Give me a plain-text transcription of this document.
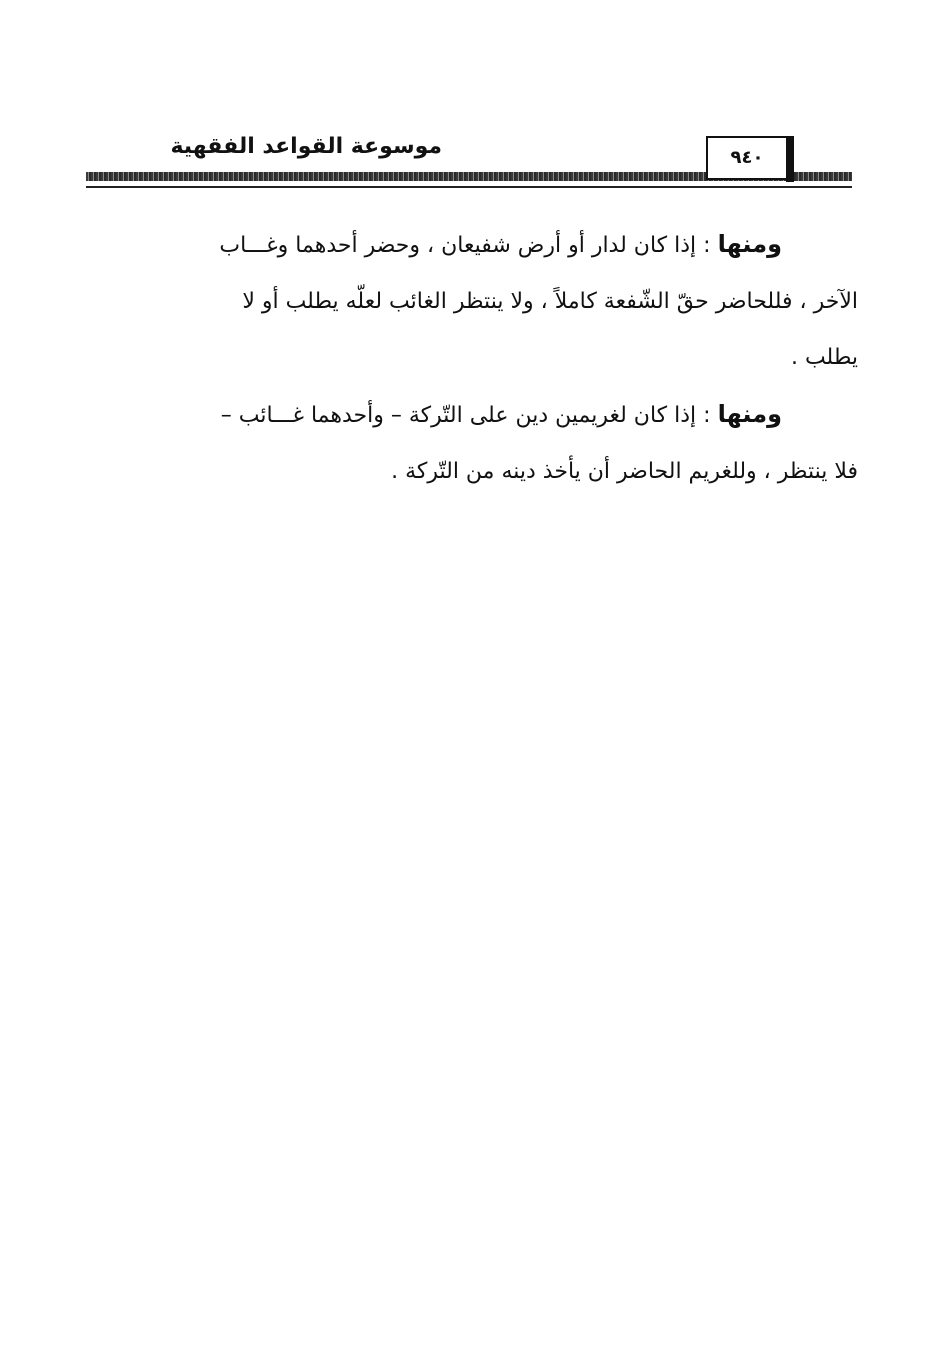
موسوعة القواعد الفقهية	٩٤٠

ومنها : إذا كان لدار أو أرض شفيعان ، وحضر أحدهما وغـــاب
الآخر ، فللحاضر حقّ الشّفعة كاملاً ، ولا ينتظر الغائب لعلّه يطلب أو لا
يطلب .

ومنها : إذا كان لغريمين دين على التّركة – وأحدهما غـــائب –
فلا ينتظر ، وللغريم الحاضر أن يأخذ دينه من التّركة .
